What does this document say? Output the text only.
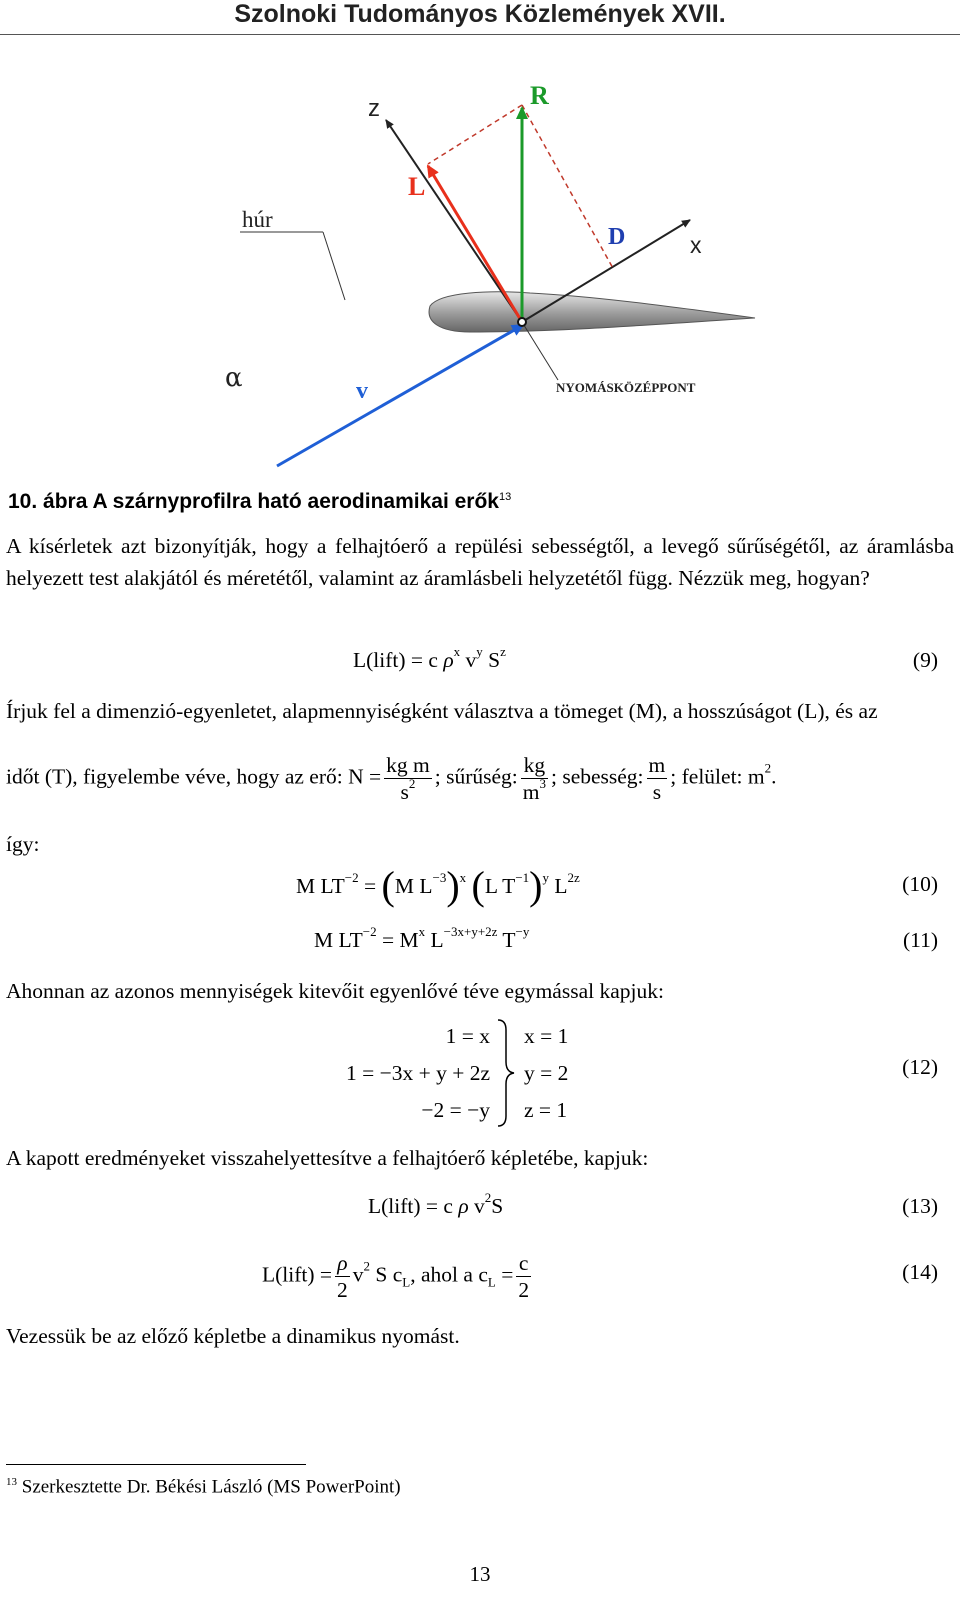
Szolnoki Tudományos Közlemények XVII.
z	R
L
húr
D	x
α	v	NYOMÁSKÖZÉPPONT
10. ábra A szárnyprofilra ható aerodinamikai erők$^{13}$
A kísérletek azt bizonyítják, hogy a felhajtóerő a repülési sebességtől, a levegő sűrűségétől, az áramlásba helyezett test alakjától és méretétől, valamint az áramlásbeli helyzetétől függ. Nézzük meg, hogyan?
L(lift) = c $\rho^x$ $v^y$ $S^z$	(9)
Írjuk fel a dimenzió-egyenletet, alapmennyiségként választva a tömeget (M), a hosszúságot (L), és az
időt (T), figyelembe véve, hogy az erő: $N = \frac{\text{kg m}}{s^2}$ ; sűrűség: $\frac{kg}{m^3}$ ; sebesség: $\frac{m}{s}$ ; felület: $m^2$.
így:
M $LT^{-2} = (M$ $L^{-3})^x$ (L $T^{-1})^y$ $L^{2z}$	(10)
M $LT^{-2} = M^x$ $L^{-3x+y+2z}$ $T^{-y}$	(11)
Ahonnan az azonos mennyiségek kitevőit egyenlővé téve egymással kapjuk:
1 = x
1 = −3x + y + 2z
−2 = −y
x = 1
y = 2
z = 1
(12)
A kapott eredményeket visszahelyettesítve a felhajtóerő képletébe, kapjuk:
L(lift) = c ρ $v^2S$	(13)
L(lift) = $\frac{\rho}{2} v^2$ S $c_L$, ahol a $c_L = \frac{c}{2}$	(14)
Vezessük be az előző képletbe a dinamikus nyomást.
$^{13}$ Szerkesztette Dr. Békési László (MS PowerPoint)
13
